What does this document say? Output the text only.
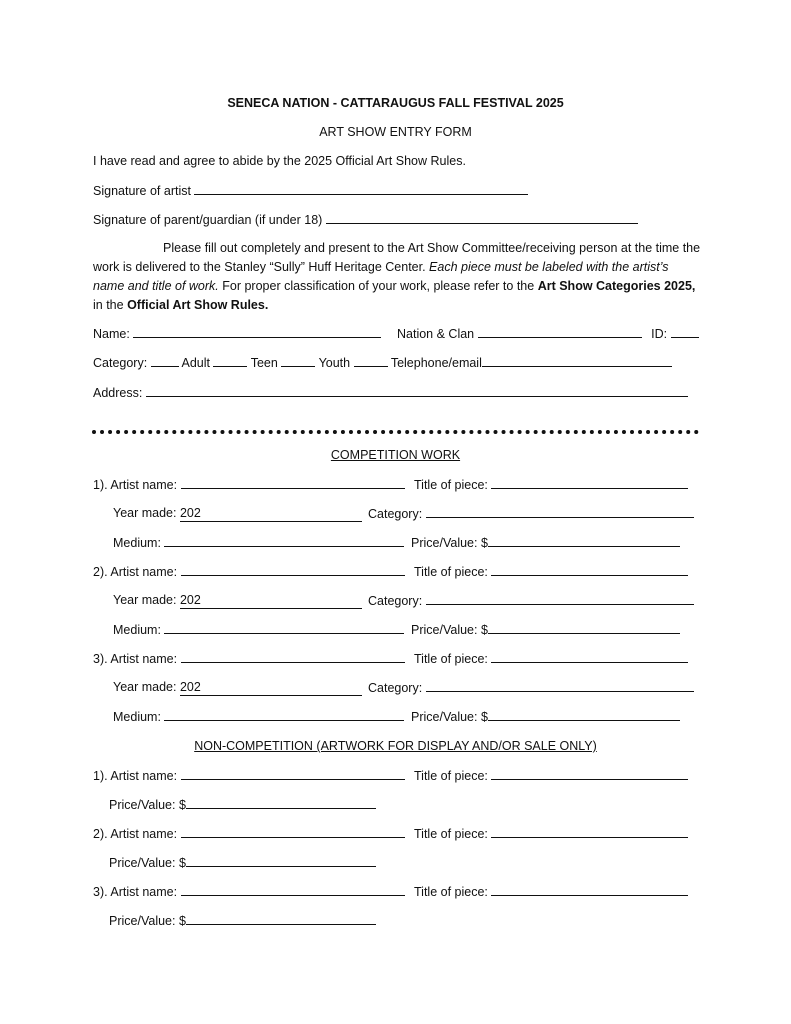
SENECA NATION - CATTARAUGUS FALL FESTIVAL 2025
ART SHOW ENTRY FORM
I have read and agree to abide by the 2025 Official Art Show Rules.
Signature of artist
Signature of parent/guardian (if under 18)
Please fill out completely and present to the Art Show Committee/receiving person at the time the work is delivered to the Stanley “Sully” Huff Heritage Center. Each piece must be labeled with the artist’s name and title of work. For proper classification of your work, please refer to the Art Show Categories 2025, in the Official Art Show Rules.
Name:	Nation & Clan	ID:
Category:	Adult	Teen	Youth	Telephone/email
Address:
COMPETITION WORK
1). Artist name:	Title of piece:
Year made: 202	Category:
Medium:	Price/Value: $
2). Artist name:	Title of piece:
Year made: 202	Category:
Medium:	Price/Value: $
3). Artist name:	Title of piece:
Year made: 202	Category:
Medium:	Price/Value: $
NON-COMPETITION (ARTWORK FOR DISPLAY AND/OR SALE ONLY)
1). Artist name:	Title of piece:
Price/Value: $
2). Artist name:	Title of piece:
Price/Value: $
3). Artist name:	Title of piece:
Price/Value: $
